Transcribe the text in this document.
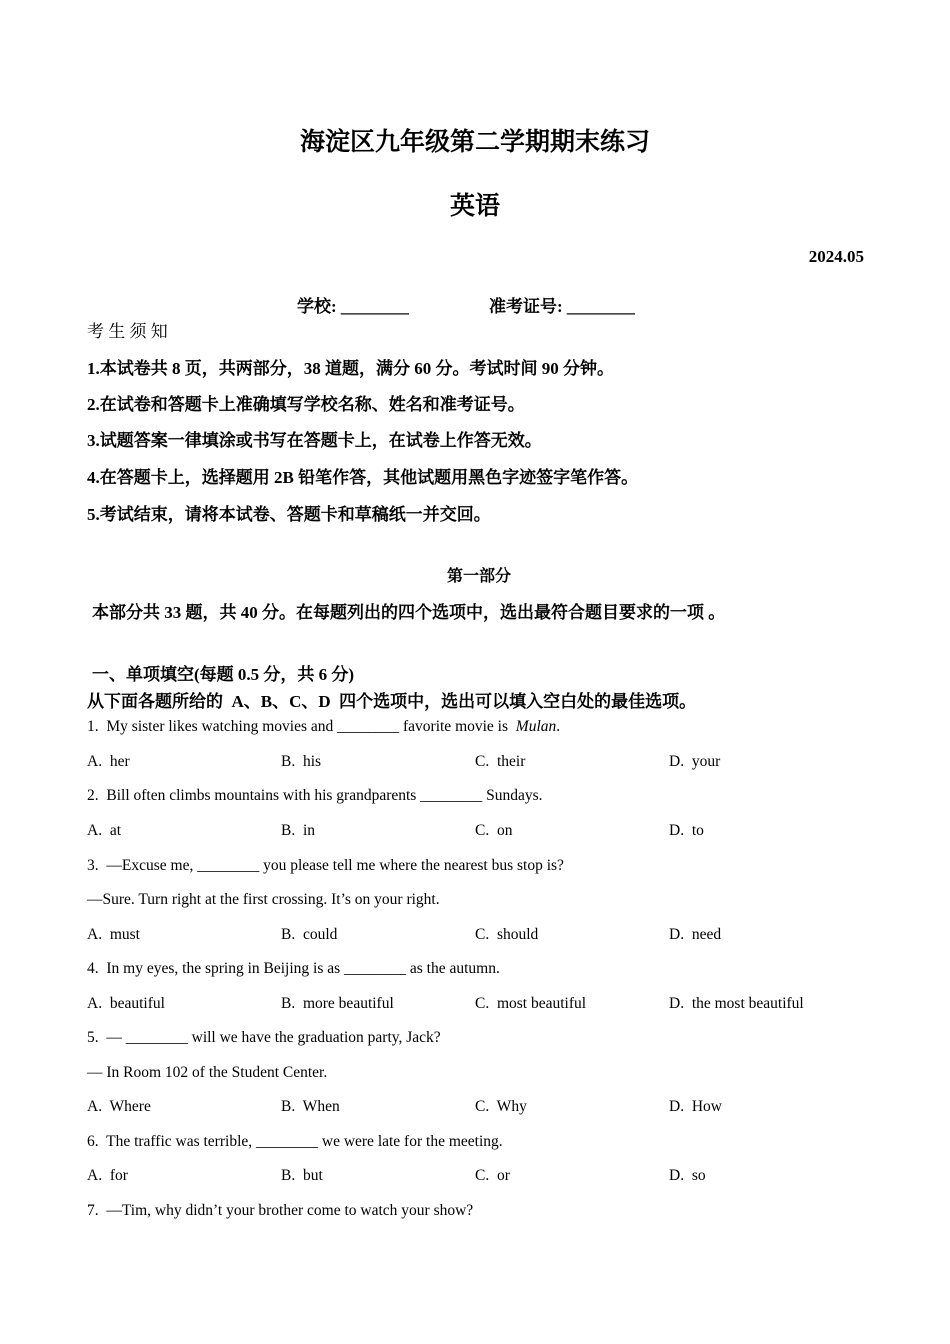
海淀区九年级第二学期期末练习
英语
2024.05
学校: ________	准考证号: ________
考 生 须 知
1.本试卷共 8 页，共两部分，38 道题，满分 60 分。考试时间 90 分钟。
2.在试卷和答题卡上准确填写学校名称、姓名和准考证号。
3.试题答案一律填涂或书写在答题卡上，在试卷上作答无效。
4.在答题卡上，选择题用 2B 铅笔作答，其他试题用黑色字迹签字笔作答。
5.考试结束，请将本试卷、答题卡和草稿纸一并交回。
第一部分
本部分共 33 题，共 40 分。在每题列出的四个选项中，选出最符合题目要求的一项 。
一、单项填空(每题 0.5 分，共 6 分)
从下面各题所给的  A、B、C、D  四个选项中，选出可以填入空白处的最佳选项。
1.  My sister likes watching movies and ________ favorite movie is  Mulan.
A.  her	B.  his	C.  their	D.  your
2.  Bill often climbs mountains with his grandparents ________ Sundays.
A.  at	B.  in	C.  on	D.  to
3.  —Excuse me, ________ you please tell me where the nearest bus stop is?
—Sure. Turn right at the first crossing. It’s on your right.
A.  must	B.  could	C.  should	D.  need
4.  In my eyes, the spring in Beijing is as ________ as the autumn.
A.  beautiful	B.  more beautiful	C.  most beautiful	D.  the most beautiful
5.  — ________ will we have the graduation party, Jack?
— In Room 102 of the Student Center.
A.  Where	B.  When	C.  Why	D.  How
6.  The traffic was terrible, ________ we were late for the meeting.
A.  for	B.  but	C.  or	D.  so
7.  —Tim, why didn’t your brother come to watch your show?
